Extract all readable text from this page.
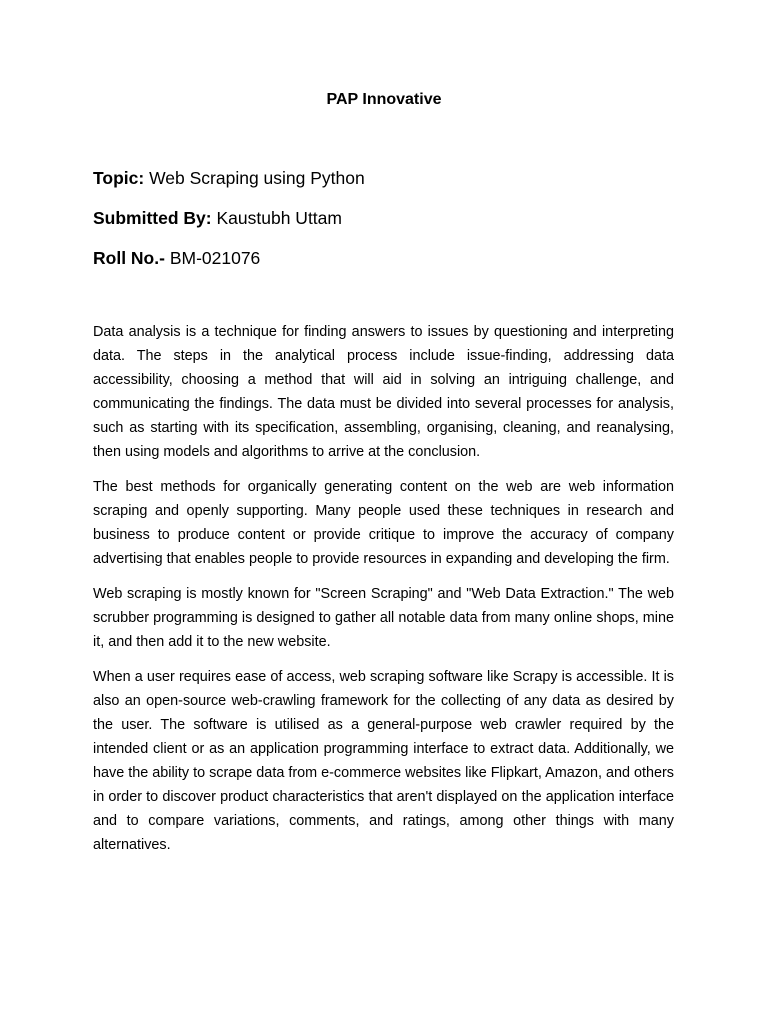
PAP Innovative

Topic: Web Scraping using Python

Submitted By: Kaustubh Uttam

Roll No.- BM-021076

Data analysis is a technique for finding answers to issues by questioning and interpreting data. The steps in the analytical process include issue-finding, addressing data accessibility, choosing a method that will aid in solving an intriguing challenge, and communicating the findings. The data must be divided into several processes for analysis, such as starting with its specification, assembling, organising, cleaning, and reanalysing, then using models and algorithms to arrive at the conclusion.

The best methods for organically generating content on the web are web information scraping and openly supporting. Many people used these techniques in research and business to produce content or provide critique to improve the accuracy of company advertising that enables people to provide resources in expanding and developing the firm.

Web scraping is mostly known for "Screen Scraping" and "Web Data Extraction." The web scrubber programming is designed to gather all notable data from many online shops, mine it, and then add it to the new website.

When a user requires ease of access, web scraping software like Scrapy is accessible. It is also an open-source web-crawling framework for the collecting of any data as desired by the user. The software is utilised as a general-purpose web crawler required by the intended client or as an application programming interface to extract data. Additionally, we have the ability to scrape data from e-commerce websites like Flipkart, Amazon, and others in order to discover product characteristics that aren't displayed on the application interface and to compare variations, comments, and ratings, among other things with many alternatives.
